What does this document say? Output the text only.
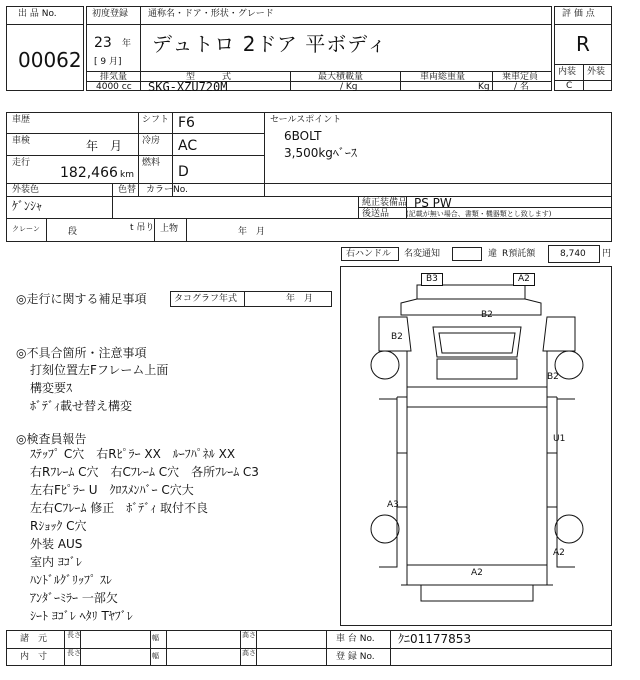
出 品 No.
00062
初度登録 通称名・ドア・形状・グレード
23 年
[ 9 月]
デュトロ 2ドア 平ボディ
排気量	型　　　式	最大積載量	車両総重量	乗車定員
4000 cc SKG-XZU720M	/ Kg	Kg	/ 名
評 価 点
R
内装 外装
C
車歴	シフト F6
車検	年　月 冷房 AC
走行
182,466 km
燃料
D
セールスポイント
6BOLT
3,500kgﾍﾞｰｽ
外装色
ｹﾞﾝｼｬ
色替 カラーNo.
純正装備品 PS PW
後送品 (記載が無い場合、書類・機器類とし致します)
クレーン	段	t 吊り 上物	年　月
右ハンドル 名変通知	違 R預託額	8,740 円
◎走行に関する補足事項	タコグラフ年式	年　月
◎不具合箇所・注意事項
打刻位置左Fフレーム上面
構変要ｽ
ﾎﾞﾃﾞｨ載せ替え構変
◎検査員報告
ｽﾃｯﾌﾟ C穴　右Rﾋﾟﾗｰ XX　ﾙｰﾌﾊﾟﾈﾙ XX
右Rﾌﾚｰﾑ C穴　右Cﾌﾚｰﾑ C穴　各所ﾌﾚｰﾑ C3
左右Fﾋﾟﾗｰ U　ｸﾛｽﾒﾝﾊﾞｰ C穴大
左右Cﾌﾚｰﾑ 修正　ﾎﾞﾃﾞｨ 取付不良
Rｼｮｯｸ C穴
外装 AUS
室内 ﾖｺﾞﾚ
ﾊﾝﾄﾞﾙｸﾞﾘｯﾌﾟ ｽﾚ
ｱﾝﾀﾞｰﾐﾗｰ 一部欠
ｼｰﾄ ﾖｺﾞﾚ ﾍﾀﾘ Tﾔﾌﾞﾚ
B3	A2
B2
B2
B2
U1
A3
A2
A2
諸　元	長さ	幅	高さ
内　寸	長さ	幅	高さ
車 台 No. ｸﾆ01177853
登 録 No.
